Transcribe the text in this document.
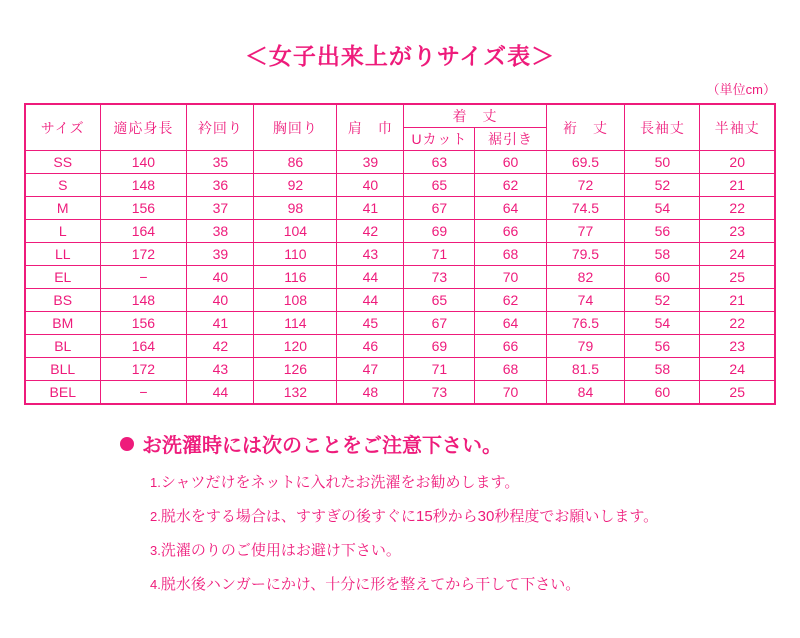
＜女子出来上がりサイズ表＞
（単位cm）
サイズ	適応身長	衿回り	胸回り	肩　巾	着　丈		裄　丈	長袖丈	半袖丈
					Uカット	裾引き			
SS	140	35	86	39	63	60	69.5	50	20
S	148	36	92	40	65	62	72	52	21
M	156	37	98	41	67	64	74.5	54	22
L	164	38	104	42	69	66	77	56	23
LL	172	39	110	43	71	68	79.5	58	24
EL	−	40	116	44	73	70	82	60	25
BS	148	40	108	44	65	62	74	52	21
BM	156	41	114	45	67	64	76.5	54	22
BL	164	42	120	46	69	66	79	56	23
BLL	172	43	126	47	71	68	81.5	58	24
BEL	−	44	132	48	73	70	84	60	25
お洗濯時には次のことをご注意下さい。
1.シャツだけをネットに入れたお洗濯をお勧めします。
2.脱水をする場合は、すすぎの後すぐに15秒から30秒程度でお願いします。
3.洗濯のりのご使用はお避け下さい。
4.脱水後ハンガーにかけ、十分に形を整えてから干して下さい。
